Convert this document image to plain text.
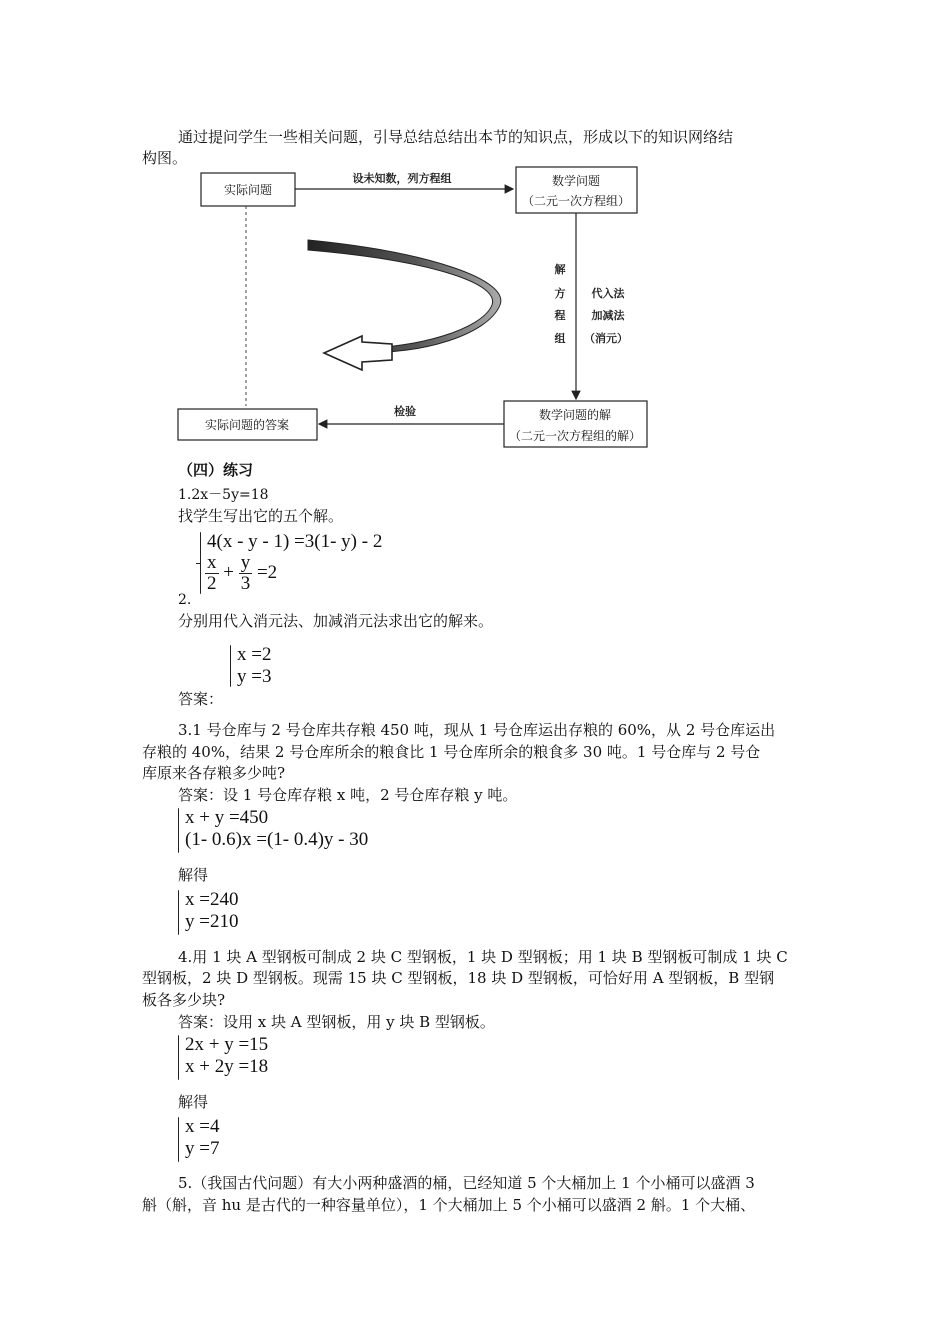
通过提问学生一些相关问题，引导总结总结出本节的知识点，形成以下的知识网络结
构图。
实际问题
设未知数，列方程组	数学问题
（二元一次方程组）
解
方
程
组
代入法
加减法
（消元）
数学问题的解
（二元一次方程组的解）
检验
实际问题的答案
（四）练习
1.2x－5y=18
找学生写出它的五个解。
4(x - y - 1) =3(1- y) - 2
$\frac{x}{2} + \frac{y}{3} =2$
2.
分别用代入消元法、加减消元法求出它的解来。
x =2
y =3
答案：
3.1 号仓库与 2 号仓库共存粮 450 吨，现从 1 号仓库运出存粮的 60%，从 2 号仓库运出
存粮的 40%，结果 2 号仓库所余的粮食比 1 号仓库所余的粮食多 30 吨。1 号仓库与 2 号仓
库原来各存粮多少吨?
答案：设 1 号仓库存粮 x 吨，2 号仓库存粮 y 吨。
x + y =450
(1- 0.6)x =(1- 0.4)y - 30
解得
x =240
y =210
4.用 1 块 A 型钢板可制成 2 块 C 型钢板，1 块 D 型钢板；用 1 块 B 型钢板可制成 1 块 C
型钢板，2 块 D 型钢板。现需 15 块 C 型钢板，18 块 D 型钢板，可恰好用 A 型钢板，B 型钢
板各多少块?
答案：设用 x 块 A 型钢板，用 y 块 B 型钢板。
2x + y =15
x + 2y =18
解得
x =4
y =7
5.（我国古代问题）有大小两种盛酒的桶，已经知道 5 个大桶加上 1 个小桶可以盛酒 3
斛（斛，音 hu 是古代的一种容量单位），1 个大桶加上 5 个小桶可以盛酒 2 斛。1 个大桶、
